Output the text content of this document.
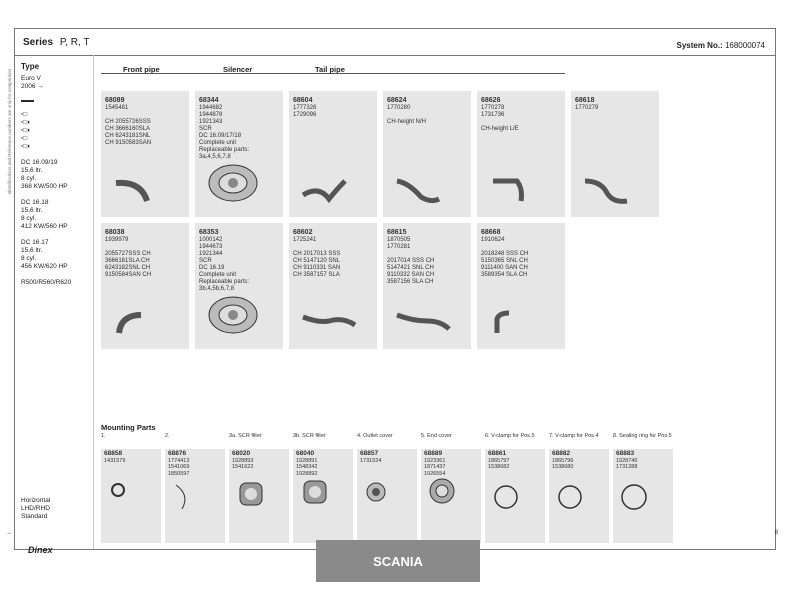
Series P, R, T	System No.: 168000074
Identifications and Reference numbers are only for comparison
Type
Euro V
2006 →
▬▬
▫□
▫□◐
▫□◐
▫□
▫□◐
DC 16.09/19
15,6 ltr.
8 cyl.
368 KW/500 HP
DC 16.18
15,6 ltr.
8 cyl.
412 KW/560 HP
DC 16.17
15,6 ltr.
8 cyl.
456 KW/620 HP
R500/R560/R620
Front pipe	Silencer	Tail pipe
68089
1545481

CH 2055726SSS
CH 3666160SLA
CH 6243181SNL
CH 9150583SAN
68344
1944682
1944878
1921343
SCR
DC 16.09/17/18
Complete unit
Replaceable parts:
3a,4,5,6,7,8
68604
1777326
1729096
68624
1770280

CH-height N/H
68626
1770278
1731736

CH-height L/E
68618
1770279
68038
1939979

2055727SSS CH
3666161SLA CH
6243182SNL CH
9150584SAN CH
68353
1000142
1944673
1921344
SCR
DC 16.19
Complete unit
Replaceable parts:
3b,4,5b,6,7,8
68602
1725241

CH 2017013 SSS
CH 5147120 SNL
CH 9110331 SAN
CH 3587157 SLA
68615
1870505
1770281

2017014 SSS CH
5147421 SNL CH
9110332 SAN CH
3587156 SLA CH
68668
1910624

2018248 SSS CH
5150365 SNL CH
9111400 SAN CH
3589354 SLA CH
Mounting Parts
1.
68858
1431579
2.
68876
1774413
1541069
1850597
3a. SCR filter
68020
1928893
1541622
3b. SCR filter
68040
1928891
1548342
1928892
4. Outlet cover
68857
1731524
5. End cover
68889
1923361
1871437
1926554
6. V-clamp for Pos.5
68861
1865797
1538682
7. V-clamp for Pos.4
68882
1865796
1538680
8. Sealing ring for Pos.5
68883
1928746
1731288
Horizontal
LHD/RHD
Standard
→
Dinex
8
SCANIA
